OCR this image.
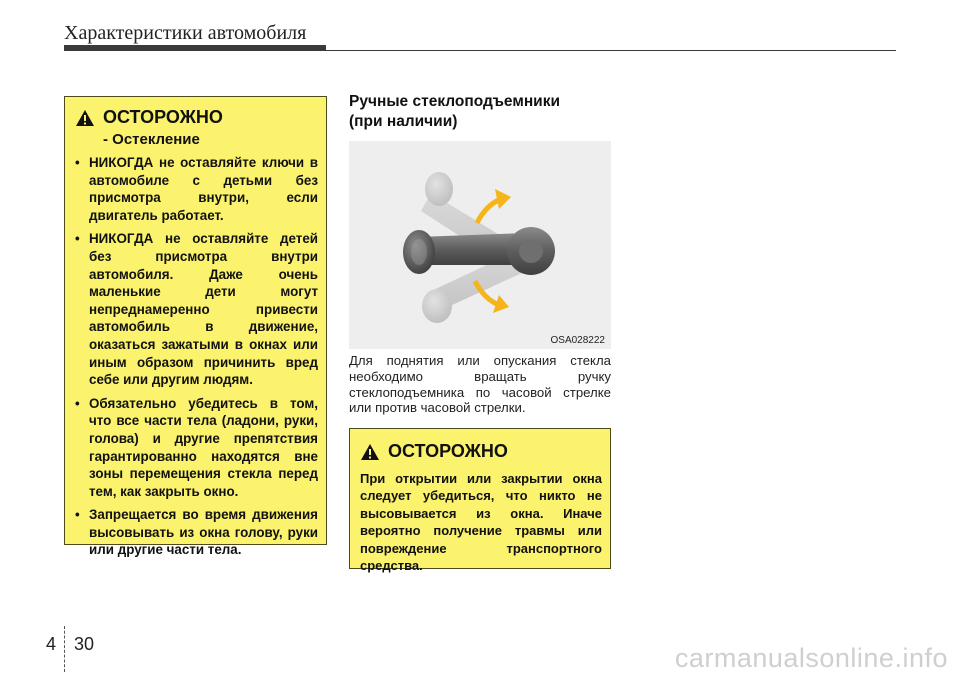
Характеристики автомобиля
ОСТОРОЖНО
- Остекление
• НИКОГДА не оставляйте ключи в автомобиле с детьми без присмотра внутри, если двигатель работает.
• НИКОГДА не оставляйте детей без присмотра внутри автомобиля. Даже очень маленькие дети могут непреднамеренно привести автомобиль в движение, оказаться зажатыми в окнах или иным образом причинить вред себе или другим людям.
• Обязательно убедитесь в том, что все части тела (ладони, руки, голова) и другие препятствия гарантированно находятся вне зоны перемещения стекла перед тем, как закрыть окно.
• Запрещается во время движения высовывать из окна голову, руки или другие части тела.
Ручные стеклоподъемники
(при наличии)
OSA028222
Для поднятия или опускания стекла необходимо вращать ручку стеклоподъемника по часовой стрелке или против часовой стрелки.
ОСТОРОЖНО
При открытии или закрытии окна следует убедиться, что никто не высовывается из окна. Иначе вероятно получение травмы или повреждение транспортного средства.
4 30	carmanualsonline.info
